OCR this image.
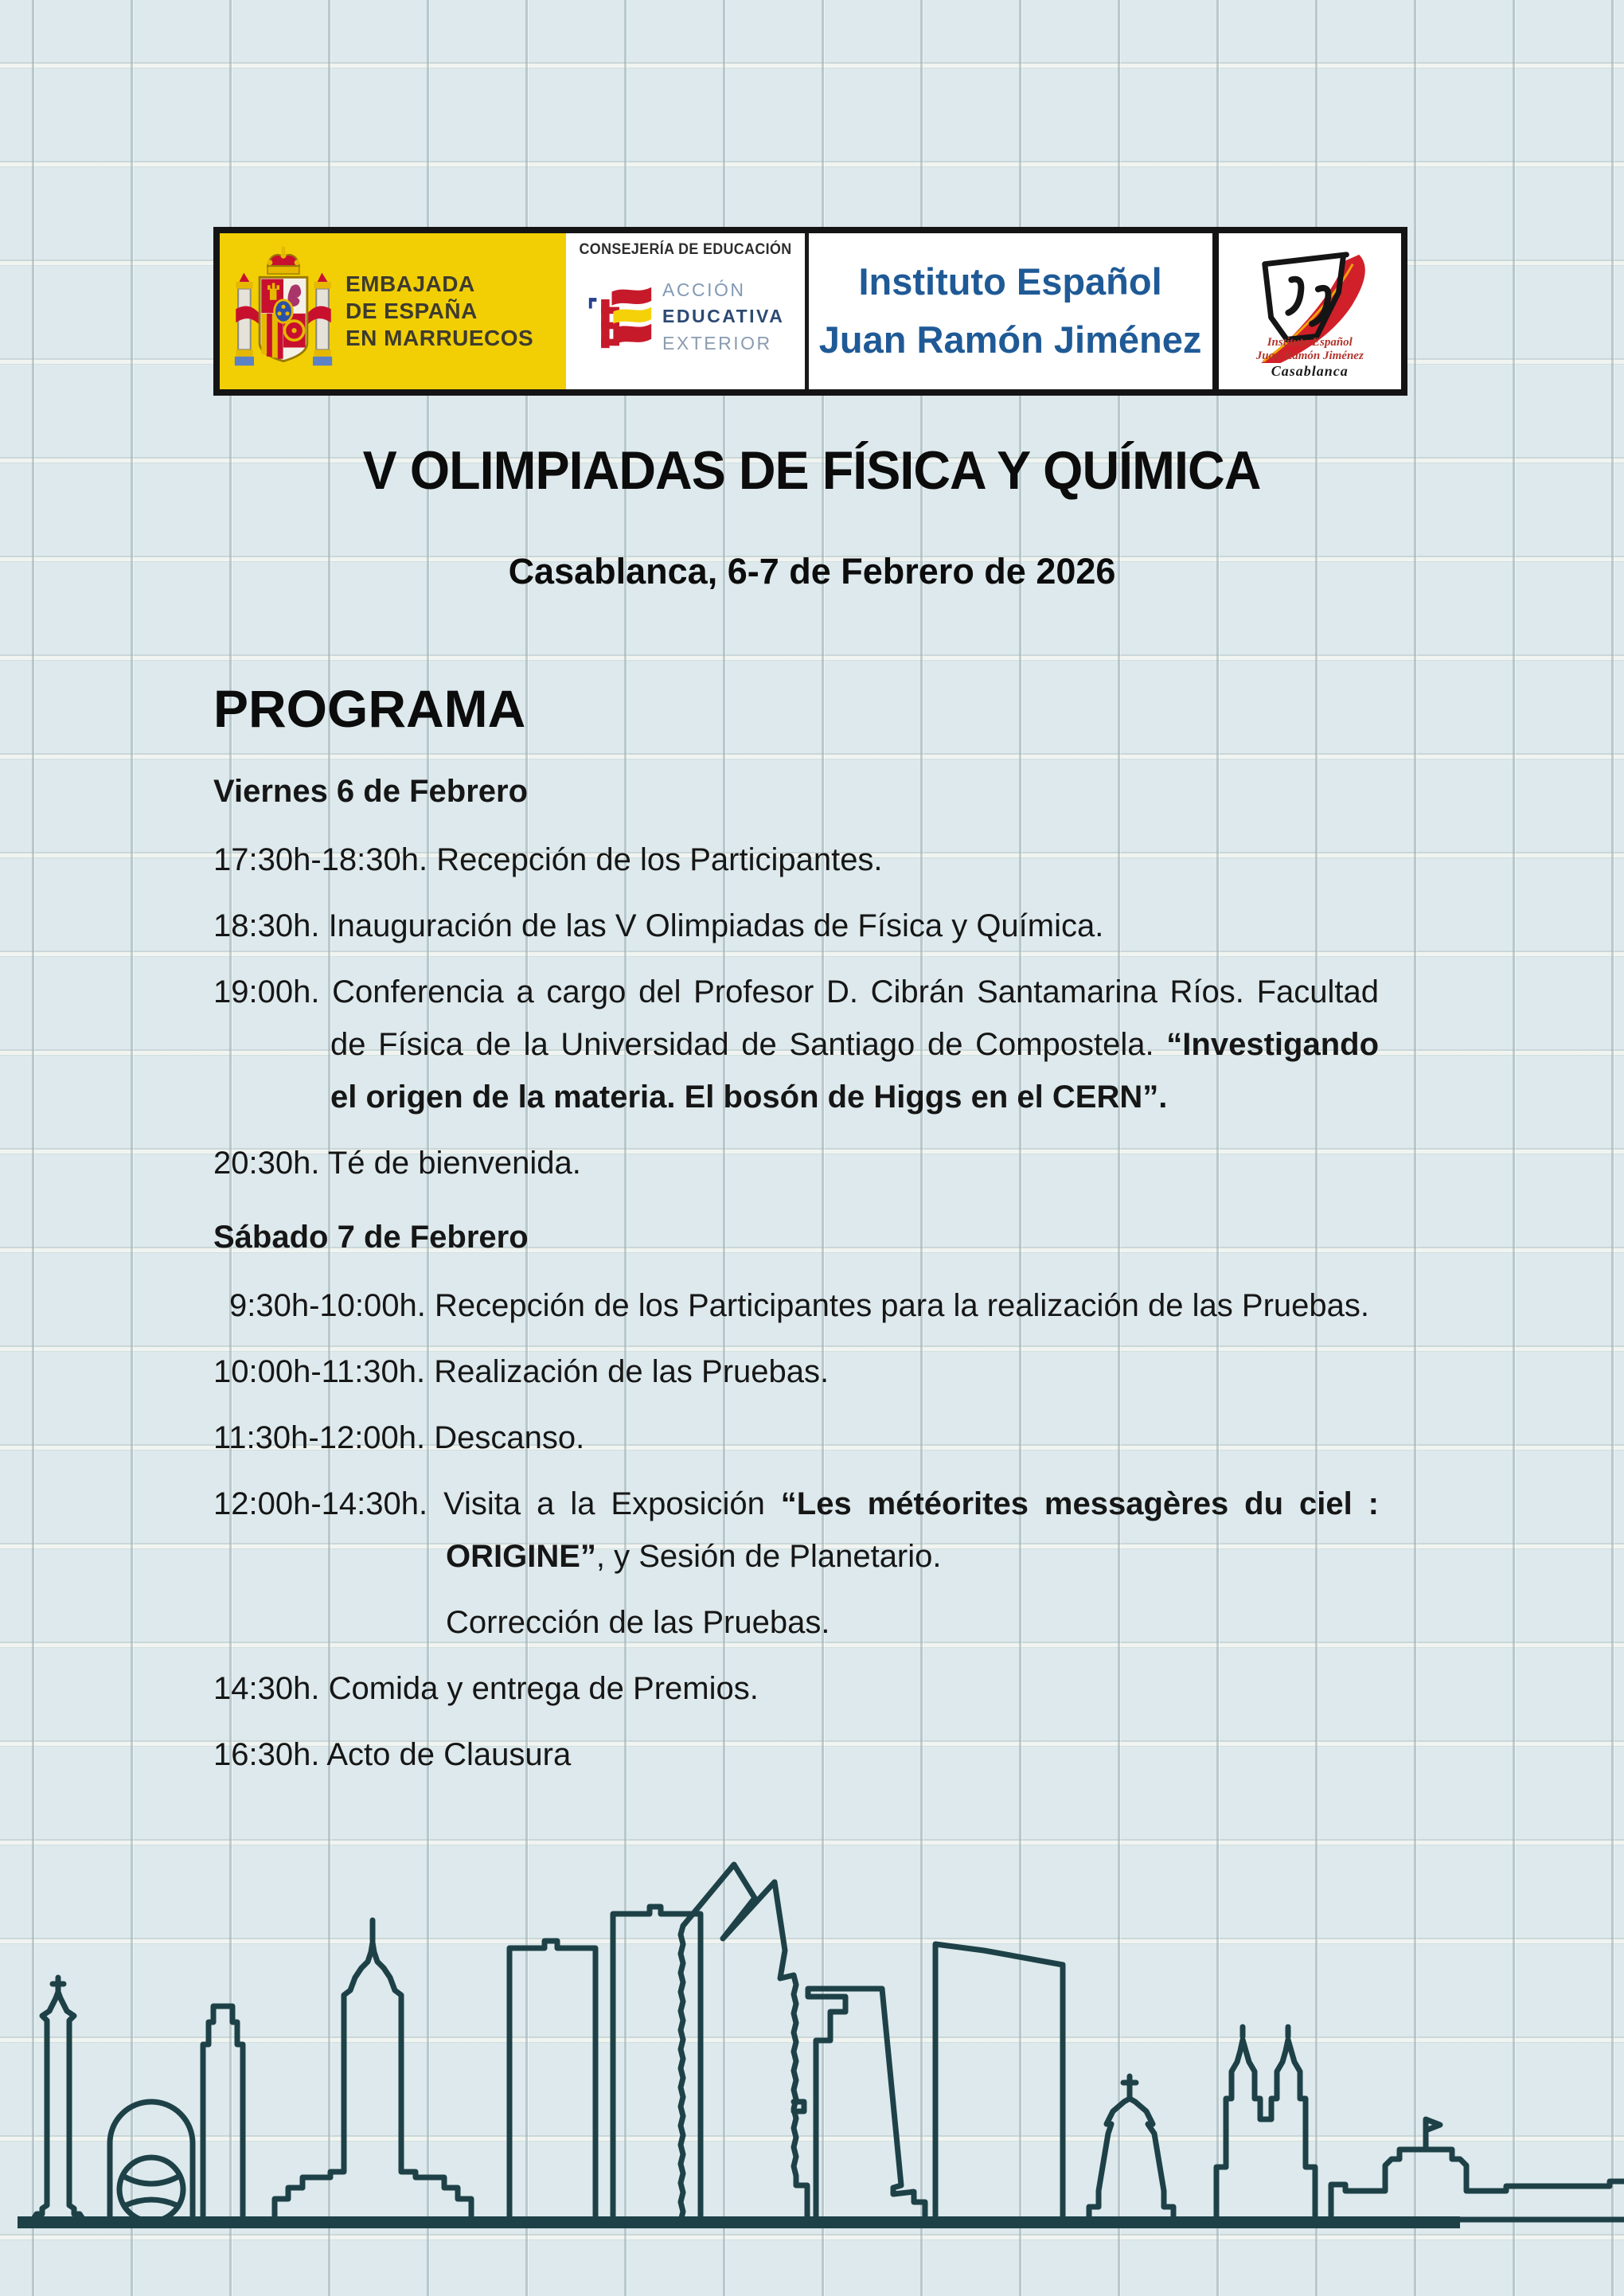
EMBAJADA
DE ESPAÑA
EN MARRUECOS
CONSEJERÍA DE EDUCACIÓN
ACCIÓN
EDUCATIVA
EXTERIOR
Instituto Español
Juan Ramón Jiménez	Instituto Español
Juan Ramón Jiménez
Casablanca
V OLIMPIADAS DE FÍSICA Y QUÍMICA
Casablanca, 6-7 de Febrero de 2026
PROGRAMA
Viernes 6 de Febrero
17:30h-18:30h. Recepción de los Participantes.
18:30h. Inauguración de las V Olimpiadas de Física y Química.
19:00h. Conferencia a cargo del Profesor D. Cibrán Santamarina Ríos. Facultad
de Física de la Universidad de Santiago de Compostela. “Investigando
el origen de la materia. El bosón de Higgs en el CERN”.
20:30h. Té de bienvenida.
Sábado 7 de Febrero
9:30h-10:00h. Recepción de los Participantes para la realización de las Pruebas.
10:00h-11:30h. Realización de las Pruebas.
11:30h-12:00h. Descanso.
12:00h-14:30h. Visita a la Exposición “Les météorites messagères du ciel :
ORIGINE”, y Sesión de Planetario.
Corrección de las Pruebas.
14:30h. Comida y entrega de Premios.
16:30h. Acto de Clausura
